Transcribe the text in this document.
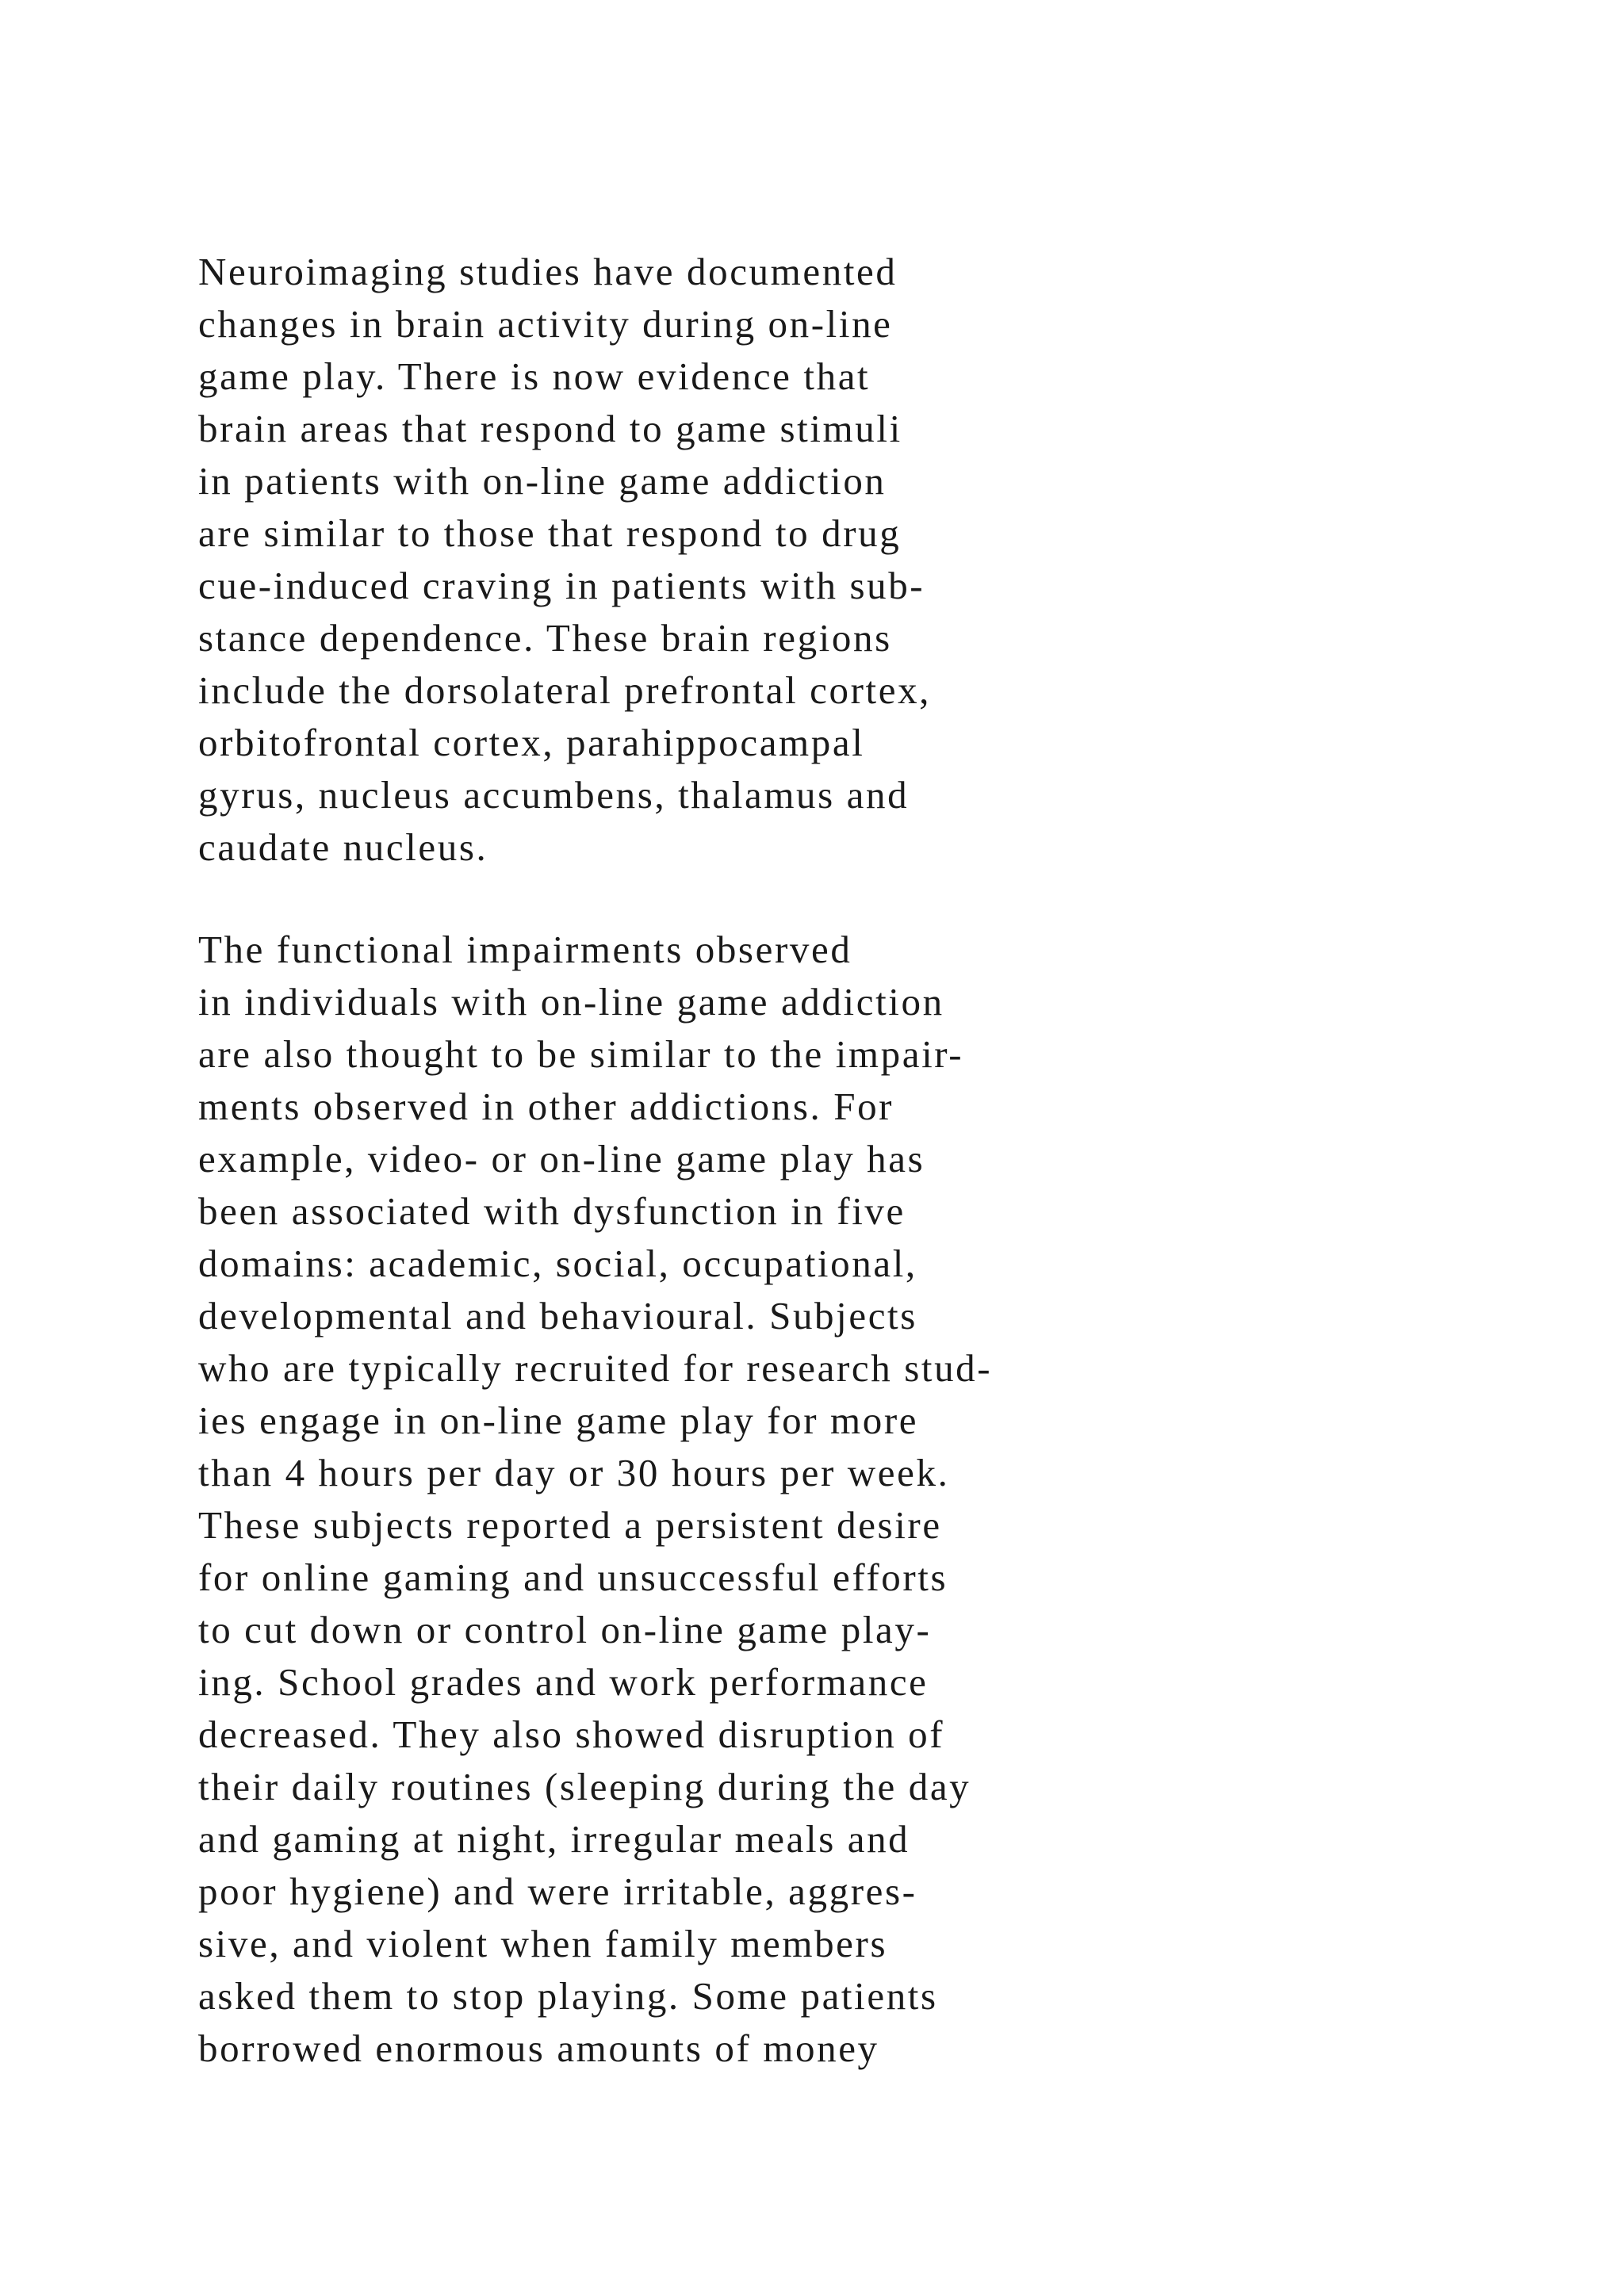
Neuroimaging studies have documented
changes in brain activity during on-line
game play. There is now evidence that
brain areas that respond to game stimuli
in patients with on-line game addiction
are similar to those that respond to drug
cue-induced craving in patients with sub-
stance dependence. These brain regions
include the dorsolateral prefrontal cortex,
orbitofrontal cortex, parahippocampal
gyrus, nucleus accumbens, thalamus and
caudate nucleus.
The functional impairments observed
in individuals with on-line game addiction
are also thought to be similar to the impair-
ments observed in other addictions. For
example, video- or on-line game play has
been associated with dysfunction in five
domains: academic, social, occupational,
developmental and behavioural. Subjects
who are typically recruited for research stud-
ies engage in on-line game play for more
than 4 hours per day or 30 hours per week.
These subjects reported a persistent desire
for online gaming and unsuccessful efforts
to cut down or control on-line game play-
ing. School grades and work performance
decreased. They also showed disruption of
their daily routines (sleeping during the day
and gaming at night, irregular meals and
poor hygiene) and were irritable, aggres-
sive, and violent when family members
asked them to stop playing. Some patients
borrowed enormous amounts of money
